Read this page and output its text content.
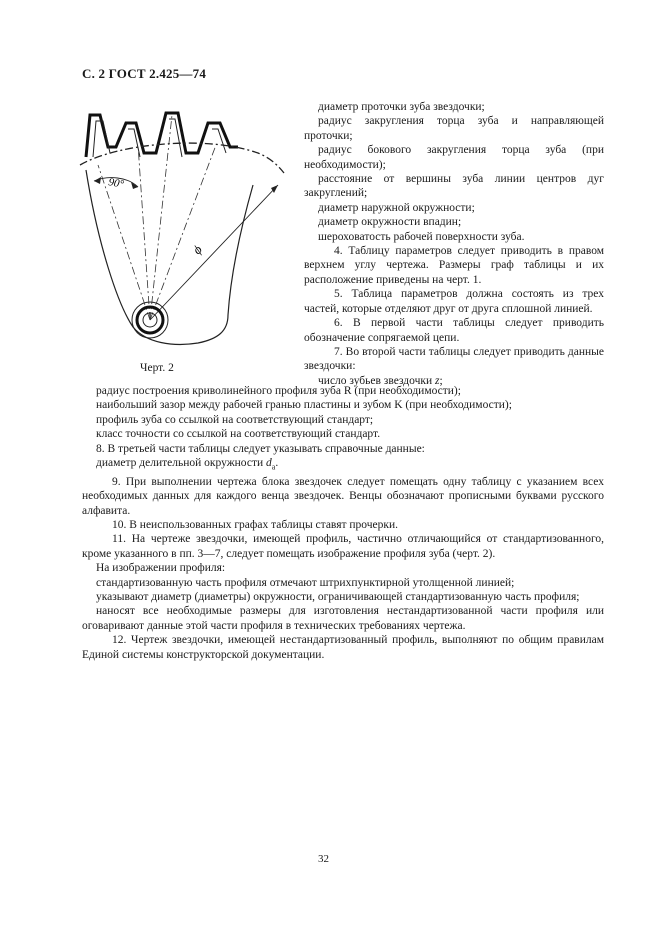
С. 2 ГОСТ 2.425—74
90°
ϕ
Черт. 2

диаметр проточки зуба звездочки;

радиус закругления торца зуба и направляющей проточки;

радиус бокового закругления торца зуба (при необходимости);

расстояние от вершины зуба линии центров дуг закруглений;

диаметр наружной окружности;

диаметр окружности впадин;

шероховатость рабочей поверхности зуба.

4. Таблицу параметров следует приводить в правом верхнем углу чертежа. Размеры граф таблицы и их расположение приведены на черт. 1.

5. Таблица параметров должна состоять из трех частей, которые отделяют друг от друга сплошной линией.

6. В первой части таблицы следует приводить обозначение сопрягаемой цепи.

7. Во второй части таблицы следует приводить данные звездочки:

число зубьев звездочки z;

радиус построения криволинейного профиля зуба R (при необходимости);

наибольший зазор между рабочей гранью пластины и зубом K (при необходимости);

профиль зуба со ссылкой на соответствующий стандарт;

класс точности со ссылкой на соответствующий стандарт.

8. В третьей части таблицы следует указывать справочные данные:

диаметр делительной окружности $d_a$.

9. При выполнении чертежа блока звездочек следует помещать одну таблицу с указанием всех необходимых данных для каждого венца звездочек. Венцы обозначают прописными буквами русского алфавита.

10. В неиспользованных графах таблицы ставят прочерки.

11. На чертеже звездочки, имеющей профиль, частично отличающийся от стандартизованного, кроме указанного в пп. 3—7, следует помещать изображение профиля зуба (черт. 2).

На изображении профиля:

стандартизованную часть профиля отмечают штрихпунктирной утолщенной линией;

указывают диаметр (диаметры) окружности, ограничивающей стандартизованную часть профиля;

наносят все необходимые размеры для изготовления нестандартизованной части профиля или оговаривают данные этой части профиля в технических требованиях чертежа.

12. Чертеж звездочки, имеющей нестандартизованный профиль, выполняют по общим правилам Единой системы конструкторской документации.

32
